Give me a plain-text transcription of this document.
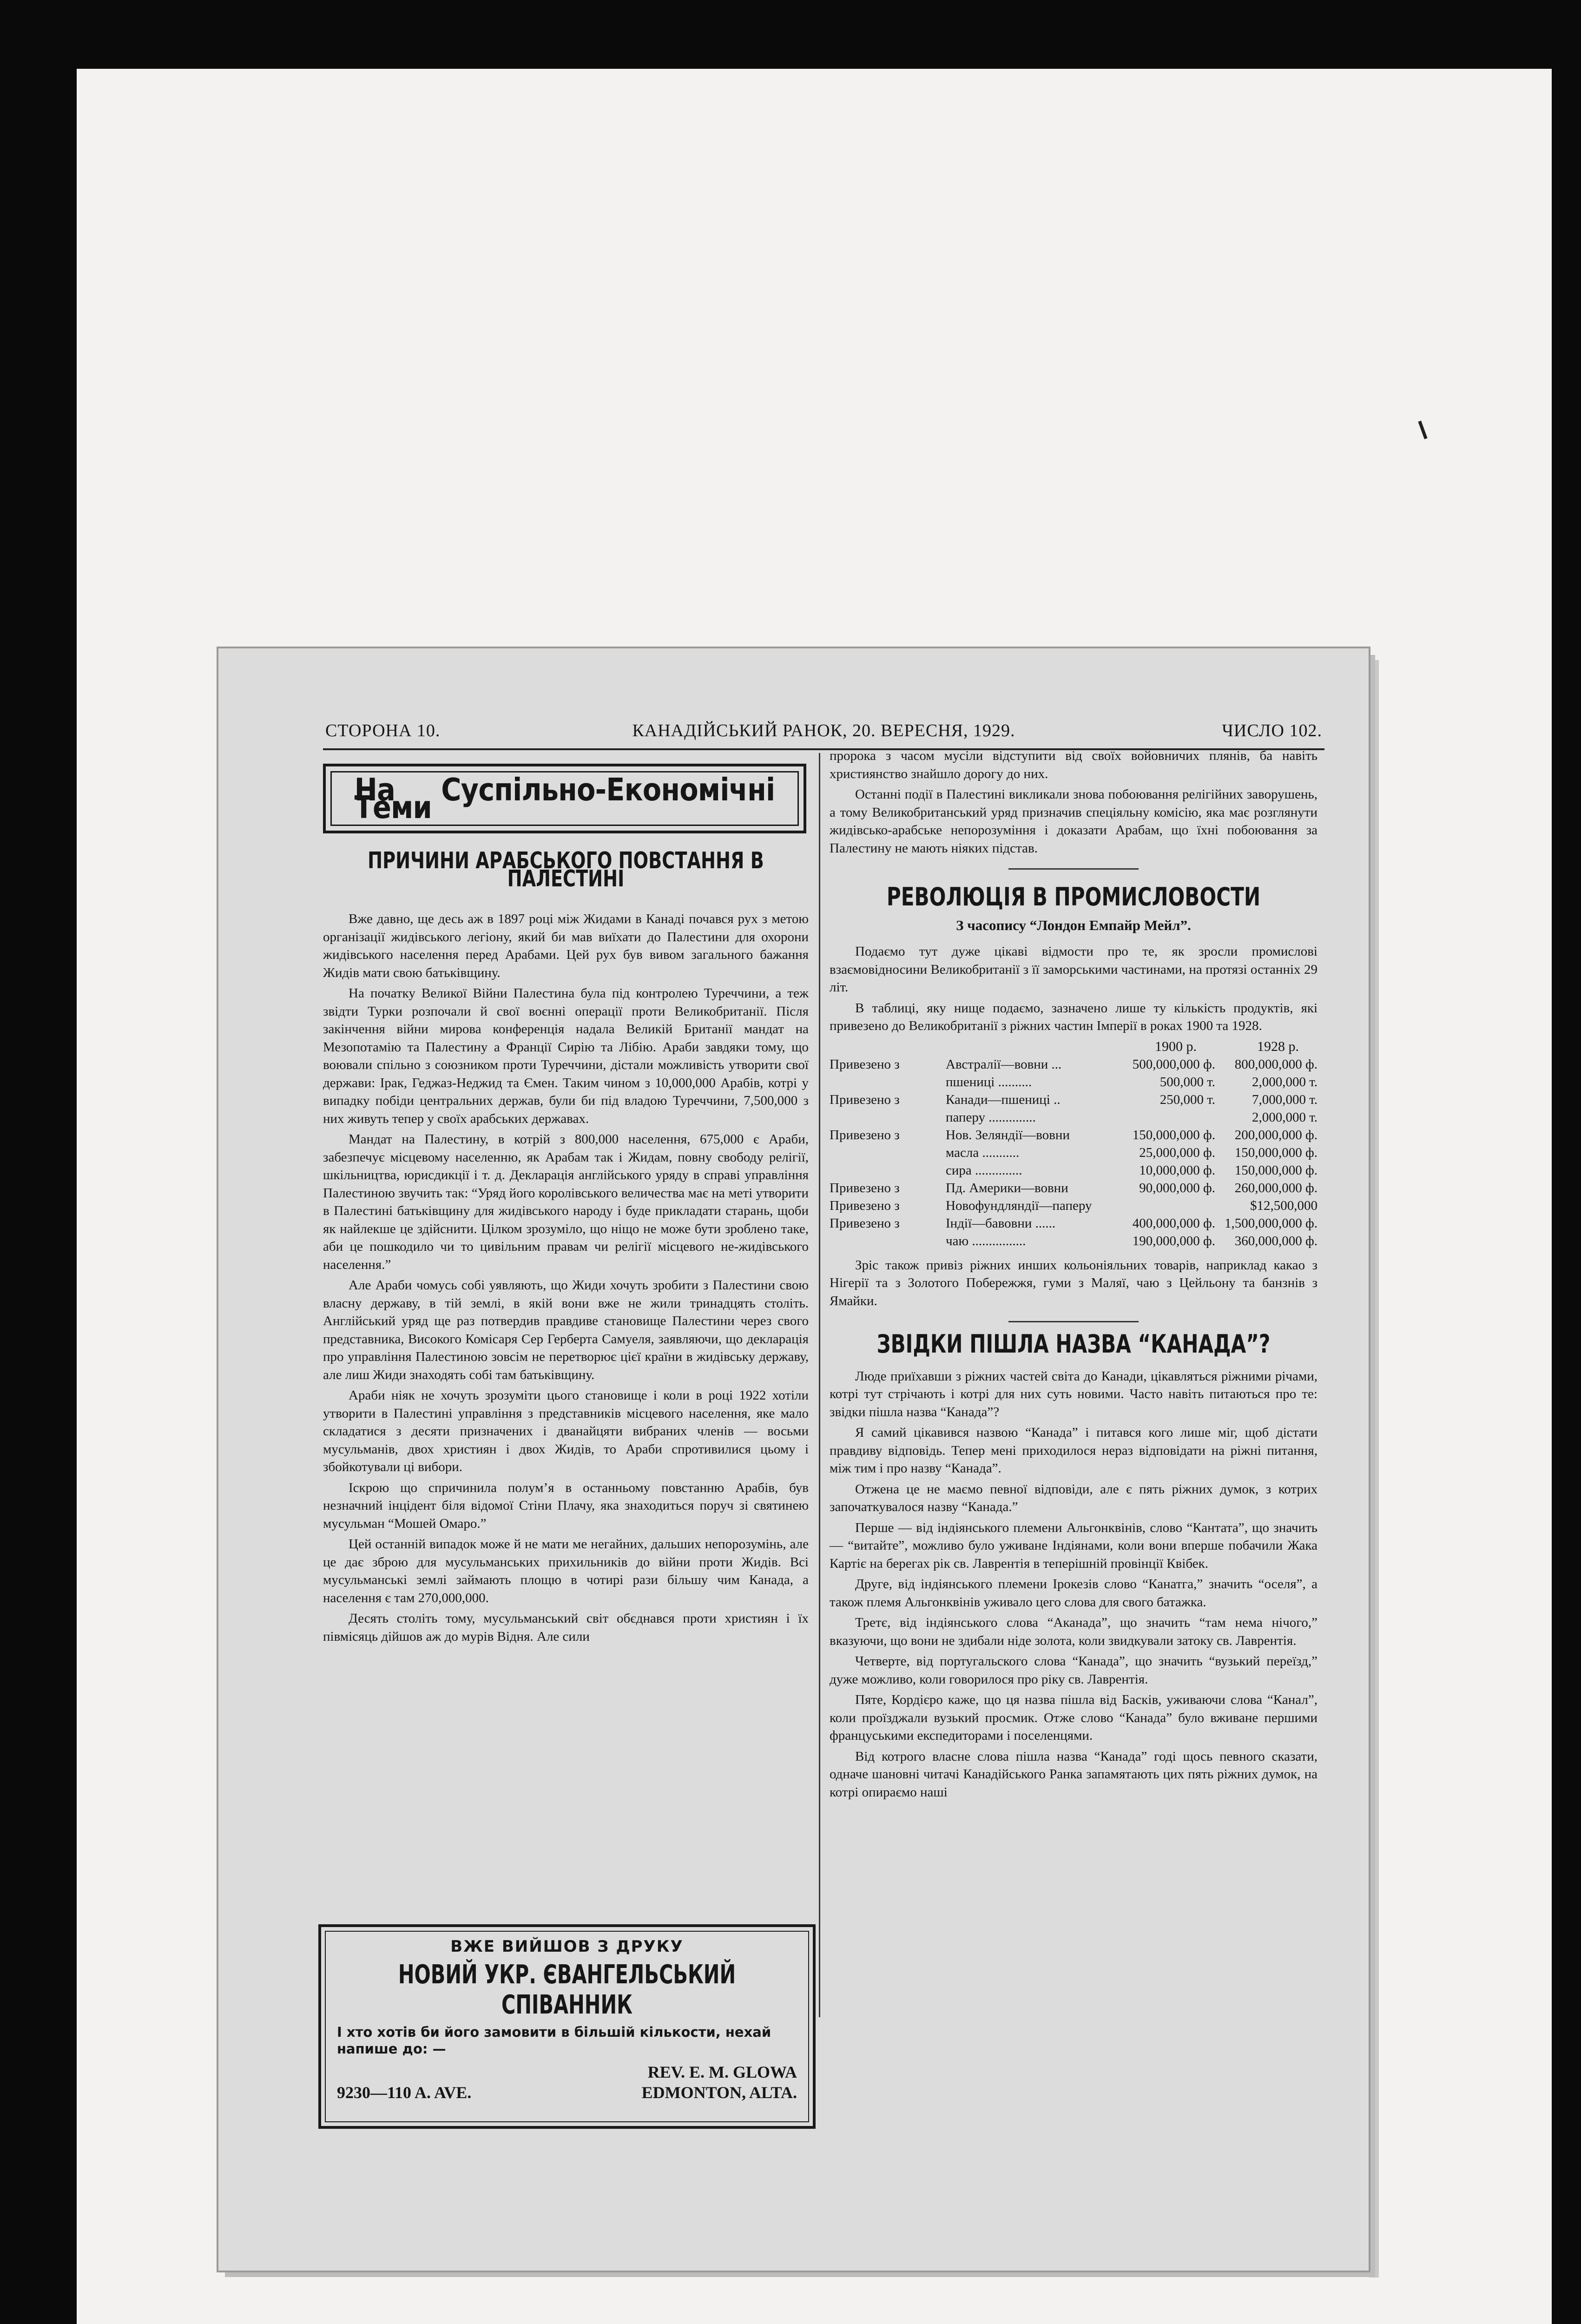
СТОРОНА 10.	КАНАДІЙСЬКИЙ РАНОК, 20. ВЕРЕСНЯ, 1929.	ЧИСЛО 102.
На Суспільно-Економічні Теми
ПРИЧИНИ АРАБСЬКОГО ПОВСТАННЯ В ПАЛЕСТИНІ

Вже давно, ще десь аж в 1897 році між Жидами в Канаді почався рух з метою організації жидівського легіону, який би мав виїхати до Палестини для охорони жидівського населення перед Арабами. Цей рух був вивом загального бажання Жидів мати свою батьківщину.

На початку Великої Війни Палестина була під контролею Туреччини, а теж звідти Турки розпочали й свої воєнні операції проти Великобританії. Після закінчення війни мирова конференція надала Великій Британії мандат на Мезопотамію та Палестину а Франції Сирію та Лібію. Араби завдяки тому, що воювали спільно з союзником проти Туреччини, дістали можливість утворити свої держави: Ірак, Геджаз-Неджид та Ємен. Таким чином з 10,000,000 Арабів, котрі у випадку побіди центральних держав, були би під владою Туреччини, 7,500,000 з них живуть тепер у своїх арабських державах.

Мандат на Палестину, в котрій з 800,000 населення, 675,000 є Араби, забезпечує місцевому населенню, як Арабам так і Жидам, повну свободу релігії, шкільництва, юрисдикції і т. д. Декларація англійського уряду в справі управління Палестиною звучить так: “Уряд його королівського величества має на меті утворити в Палестині батьківщину для жидівського народу і буде прикладати старань, щоби як найлекше це здійснити. Цілком зрозуміло, що ніщо не може бути зроблено таке, аби це пошкодило чи то цивільним правам чи релігії місцевого не-жидівського населення.”

Але Араби чомусь собі уявляють, що Жиди хочуть зробити з Палестини свою власну державу, в тій землі, в якій вони вже не жили тринадцять століть. Англійський уряд ще раз потвердив правдиве становище Палестини через свого представника, Високого Комісаря Сер Герберта Самуеля, заявляючи, що декларація про управління Палестиною зовсім не перетворює цієї країни в жидівську державу, але лиш Жиди знаходять собі там батьківщину.

Араби ніяк не хочуть зрозуміти цього становище і коли в році 1922 хотіли утворити в Палестині управління з представників місцевого населення, яке мало складатися з десяти призначених і дванайцяти вибраних членів — восьми мусульманів, двох християн і двох Жидів, то Араби спротивилися цьому і збойкотували ці вибори.

Іскрою що спричинила полум’я в останньому повстанню Арабів, був незначний інцідент біля відомої Стіни Плачу, яка знаходиться поруч зі святинею мусульман “Мошей Омаро.”

Цей останній випадок може й не мати ме негайних, дальших непорозумінь, але це дає зброю для мусульманських прихильників до війни проти Жидів. Всі мусульманські землі займають площю в чотирі рази більшу чим Канада, а населення є там 270,000,000.

Десять століть тому, мусульманський світ обєднався проти християн і їх півмісяць дійшов аж до мурів Відня. Але сили

ВЖЕ ВИЙШОВ З ДРУКУ
НОВИЙ УКР. ЄВАНГЕЛЬСЬКИЙ СПІВАННИК
І хто хотів би його замовити в більшій кількости, нехай напише до: —
REV. E. M. GLOWA
9230—110 A. AVE.	EDMONTON, ALTA.

пророка з часом мусіли відступити від своїх войовничих плянів, ба навіть християнство знайшло дорогу до них.

Останні події в Палестині викликали знова побоювання релігійних заворушень, а тому Великобританський уряд призначив спеціяльну комісію, яка має розглянути жидівсько-арабське непорозуміння і доказати Арабам, що їхні побоювання за Палестину не мають ніяких підстав.

РЕВОЛЮЦІЯ В ПРОМИСЛОВОСТИ
З часопису “Лондон Емпайр Мейл”.

Подаємо тут дуже цікаві відмости про те, як зросли промислові взаємовідносини Великобританії з її заморськими частинами, на протязі останніх 29 літ.

В таблиці, яку нище подаємо, зазначено лише ту кількість продуктів, які привезено до Великобританії з ріжних частин Імперії в роках 1900 та 1928.

		1900 р.	1928 р.
Привезено з	Австралії—вовни ...	500,000,000 ф.	800,000,000 ф.
	пшениці ..........	500,000 т.	2,000,000 т.
Привезено з	Канади—пшениці ..	250,000 т.	7,000,000 т.
	паперу ..............		2,000,000 т.
Привезено з	Нов. Зеляндії—вовни	150,000,000 ф.	200,000,000 ф.
	масла ...........	25,000,000 ф.	150,000,000 ф.
	сира ..............	10,000,000 ф.	150,000,000 ф.
Привезено з	Пд. Америки—вовни	90,000,000 ф.	260,000,000 ф.
Привезено з	Новофундляндії—паперу		$12,500,000
Привезено з	Індії—бавовни ......	400,000,000 ф.	1,500,000,000 ф.
	чаю ................	190,000,000 ф.	360,000,000 ф.

Зріс також привіз ріжних инших кольоніяльних товарів, наприклад какао з Нігерії та з Золотого Побережжя, гуми з Маляї, чаю з Цейльону та банзнів з Ямайки.

ЗВІДКИ ПІШЛА НАЗВА “КАНАДА”?

Люде приїхавши з ріжних частей світа до Канади, цікавляться ріжними річами, котрі тут стрічають і котрі для них суть новими. Часто навіть питаються про те: звідки пішла назва “Канада”?

Я самий цікавився назвою “Канада” і питався кого лише міг, щоб дістати правдиву відповідь. Тепер мені приходилося нераз відповідати на ріжні питання, між тим і про назву “Канада”.

Отжена це не маємо певної відповіди, але є пять ріжних думок, з котрих започаткувалося назву “Канада.”

Перше — від індіянського племени Альгонквінів, слово “Кантата”, що значить — “витайте”, можливо було уживане Індіянами, коли вони вперше побачили Жака Картіє на берегах рік св. Лаврентія в теперішній провінції Квібек.

Друге, від індіянського племени Ірокезів слово “Канатга,” значить “оселя”, а також племя Альгонквінів уживало цего слова для свого батажка.

Третє, від індіянського слова “Аканада”, що значить “там нема нічого,” вказуючи, що вони не здибали ніде золота, коли звидкували затоку св. Лаврентія.

Четверте, від португальского слова “Канада”, що значить “вузький переїзд,” дуже можливо, коли говорилося про ріку св. Лаврентія.

Пяте, Кордієро каже, що ця назва пішла від Басків, уживаючи слова “Канал”, коли проїзджали вузький просмик. Отже слово “Канада” було вживане першими француськими експедиторами і поселенцями.

Від котрого власне слова пішла назва “Канада” годі щось певного сказати, одначе шановні читачі Канадійського Ранка запамятають цих пять ріжних думок, на котрі опираємо наші
